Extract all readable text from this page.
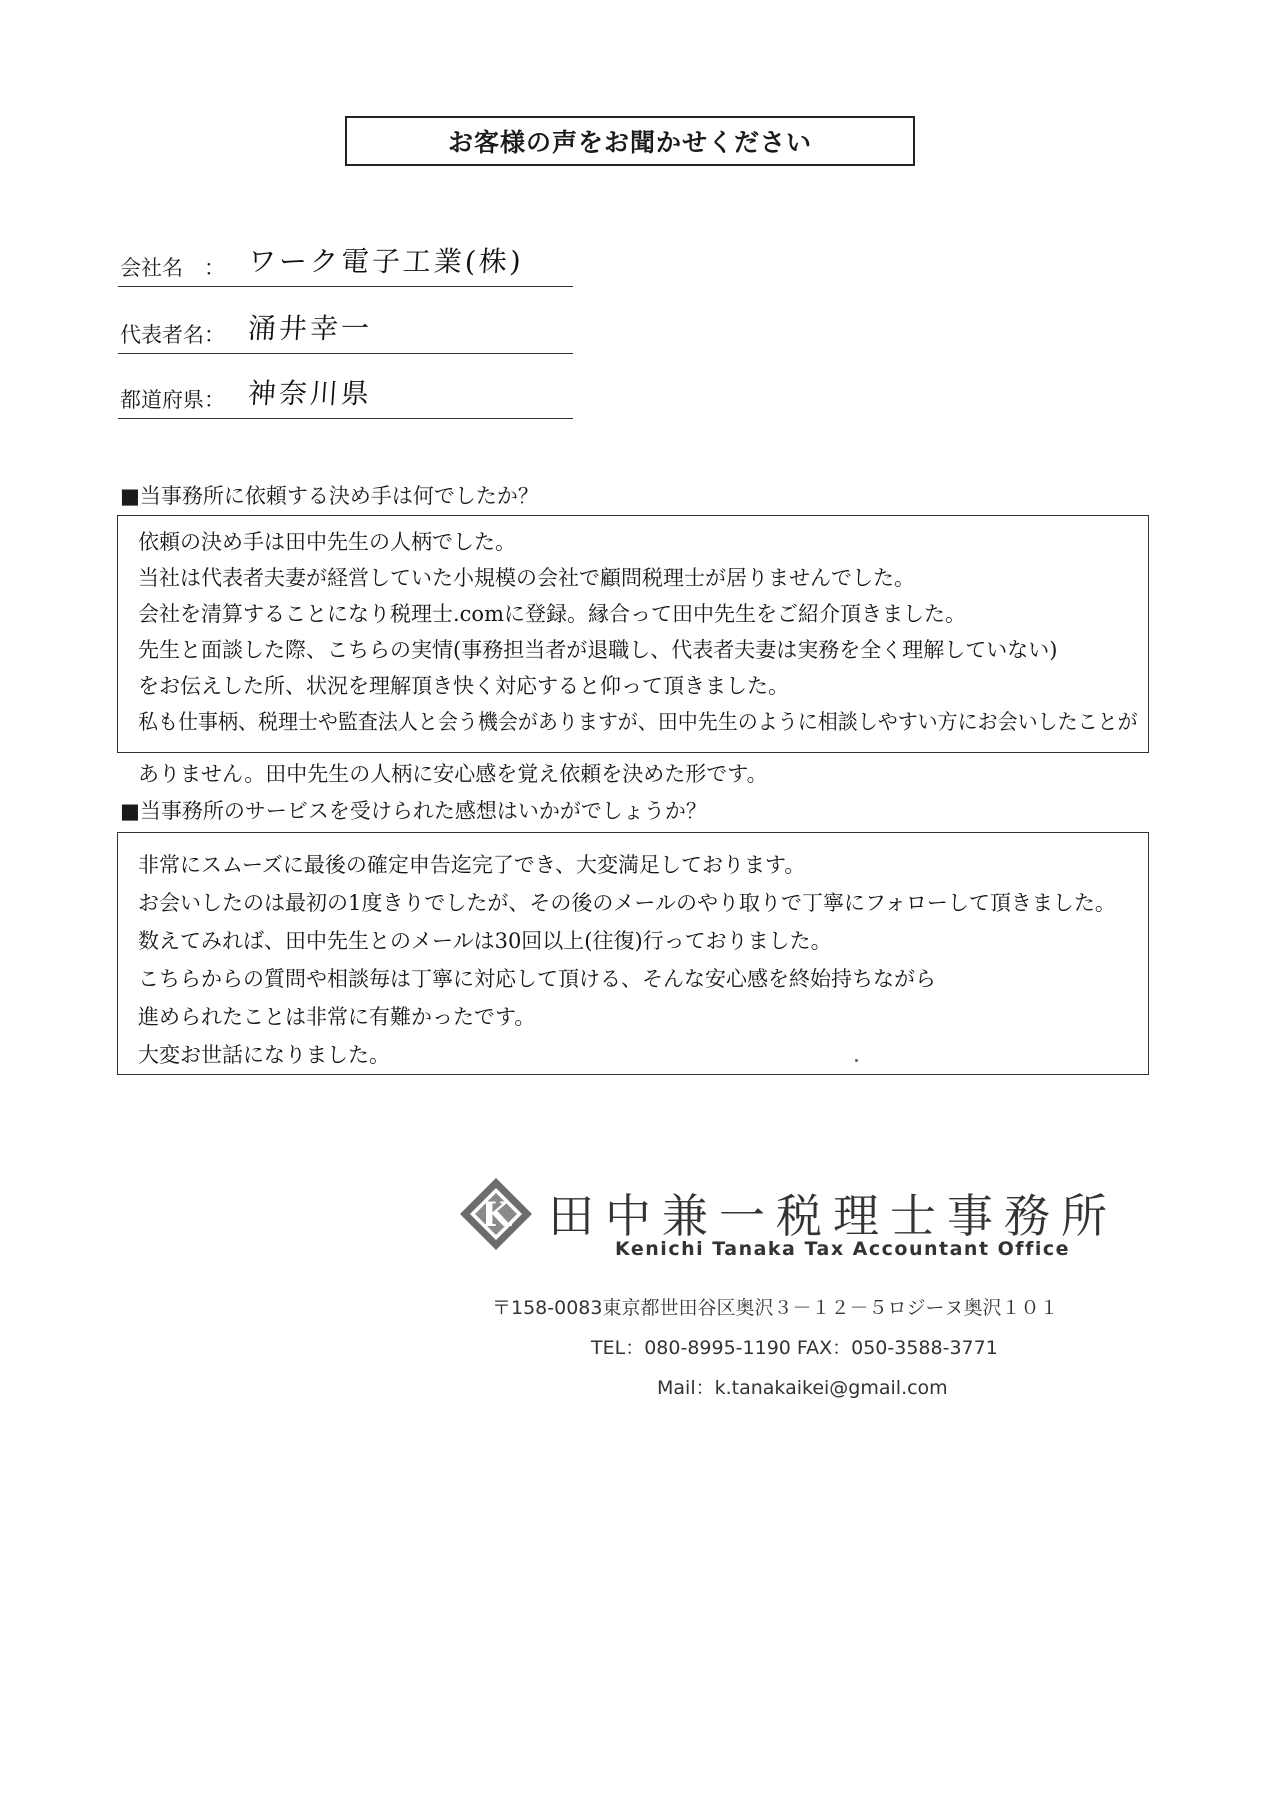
お客様の声をお聞かせください
会社名　： ワーク電子工業(株)
代表者名： 涌井幸一
都道府県： 神奈川県
■当事務所に依頼する決め手は何でしたか？
依頼の決め手は田中先生の人柄でした。
当社は代表者夫妻が経営していた小規模の会社で顧問税理士が居りませんでした。
会社を清算することになり税理士.comに登録。縁合って田中先生をご紹介頂きました。
先生と面談した際、こちらの実情(事務担当者が退職し、代表者夫妻は実務を全く理解していない)
をお伝えした所、状況を理解頂き快く対応すると仰って頂きました。
私も仕事柄、税理士や監査法人と会う機会がありますが、田中先生のように相談しやすい方にお会いしたことが
ありません。田中先生の人柄に安心感を覚え依頼を決めた形です。
■当事務所のサービスを受けられた感想はいかがでしょうか？
非常にスムーズに最後の確定申告迄完了でき、大変満足しております。
お会いしたのは最初の1度きりでしたが、その後のメールのやり取りで丁寧にフォローして頂きました。
数えてみれば、田中先生とのメールは30回以上(往復)行っておりました。
こちらからの質問や相談毎は丁寧に対応して頂ける、そんな安心感を終始持ちながら
進められたことは非常に有難かったです。
大変お世話になりました。
K 田中兼一税理士事務所
Kenichi Tanaka Tax Accountant Office
〒158-0083東京都世田谷区奥沢３－１２－５ロジーヌ奥沢１０１
TEL：080-8995-1190 FAX：050-3588-3771
Mail：k.tanakaikei@gmail.com
